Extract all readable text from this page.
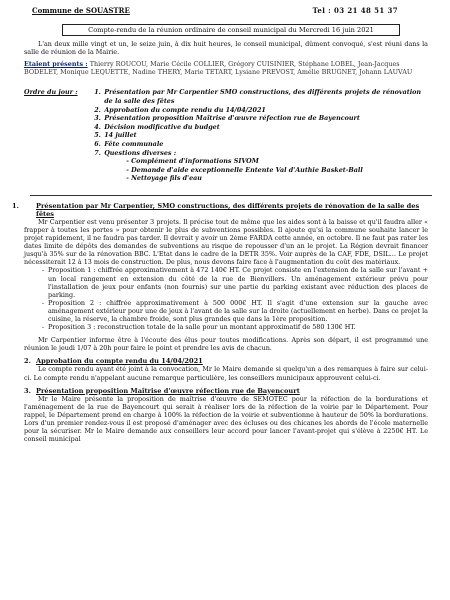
Commune de SOUASTRE	Tel : 03 21 48 51 37
Compte-rendu de la réunion ordinaire de conseil municipal du Mercredi 16 juin 2021

L'an deux mille vingt et un, le seize juin, à dix huit heures, le conseil municipal, dûment convoqué, s'est réuni dans la salle de réunion de la Mairie.

Etaient présents : Thierry ROUCOU, Marie Cécile COLLIER, Grégory CUISINIER, Stéphane LOBEL, Jean-Jacques BODELET, Monique LEQUETTE, Nadine THERY, Marie TETART, Lysiane PREVOST, Amélie BRUGNET, Johann LAUVAU
Ordre du jour :	1. Présentation par Mr Carpentier SMO constructions, des différents projets de rénovation de la salle des fêtes
2. Approbation du compte rendu du 14/04/2021
3. Présentation proposition Maîtrise d'œuvre réfection rue de Bayencourt
4. Décision modificative du budget
5. 14 juillet
6. Fête communale
7. Questions diverses :
- Complément d'informations SIVOM
- Demande d'aide exceptionnelle Entente Val d'Authie Basket-Ball
- Nettoyage fils d'eau
1.	Présentation par Mr Carpentier, SMO constructions, des différents projets de rénovation de la salle des fêtes

Mr Carpentier est venu présenter 3 projets. Il précise tout de même que les aides sont à la baisse et qu'il faudra aller « frapper à toutes les portes » pour obtenir le plus de subventions possibles. Il ajoute qu'si la commune souhaite lancer le projet rapidement, il ne faudra pas tarder. Il devrait y avoir un 2ème FARDA cette année, en octobre. Il ne faut pas rater les dates limite de dépôts des demandes de subventions au risque de repousser d'un an le projet. La Région devrait financer jusqu'à 35% sur de la rénovation BBC. L'Etat dans le cadre de la DETR 35%. Voir auprès de la CAF, FDE, DSIL… Le projet nécessiterait 12 à 13 mois de construction. De plus, nous devons faire face à l'augmentation du coût des matériaux.

- Proposition 1 : chiffrée approximativement à 472 140€ HT. Ce projet consiste en l'extension de la salle sur l'avant + un local rangement en extension du côté de la rue de Bienvillers. Un aménagement extérieur prévu pour l'installation de jeux pour enfants (non fournis) sur une partie du parking existant avec réduction des places de parking.
- Proposition 2 : chiffrée approximativement à 500 000€ HT. Il s'agit d'une extension sur la gauche avec aménagement extérieur pour une de jeux à l'avant de la salle sur la droite (actuellement en herbe). Dans ce projet la cuisine, la réserve, la chambre froide, sont plus grandes que dans la 1ère proposition.
- Proposition 3 : reconstruction totale de la salle pour un montant approximatif de 580 130€ HT.

Mr Carpentier informe être à l'écoute des élus pour toutes modifications. Après son départ, il est programmé une réunion le jeudi 1/07 à 20h pour faire le point et prendre les avis de chacun.

2. Approbation du compte rendu du 14/04/2021

Le compte rendu ayant été joint à la convocation, Mr le Maire demande si quelqu'un a des remarques à faire sur celui-ci. Le compte rendu n'appelant aucune remarque particulière, les conseillers municipaux approuvent celui-ci.

3. Présentation proposition Maîtrise d'œuvre réfection rue de Bayencourt

Mr le Maire présente la proposition de maîtrise d'œuvre de SEMOTEC pour la réfection de la bordurations et l'aménagement de la rue de Bayencourt qui serait à réaliser lors de la réfection de la voirie par le Département. Pour rappel, le Département prend en charge à 100% la réfection de la voirie et subventionne à hauteur de 50% la bordurations. Lors d'un premier rendez-vous il est proposé d'aménager avec des écluses ou des chicanes les abords de l'école maternelle pour la sécuriser. Mr le Maire demande aux conseillers leur accord pour lancer l'avant-projet qui s'élève à 2250€ HT. Le conseil municipal
